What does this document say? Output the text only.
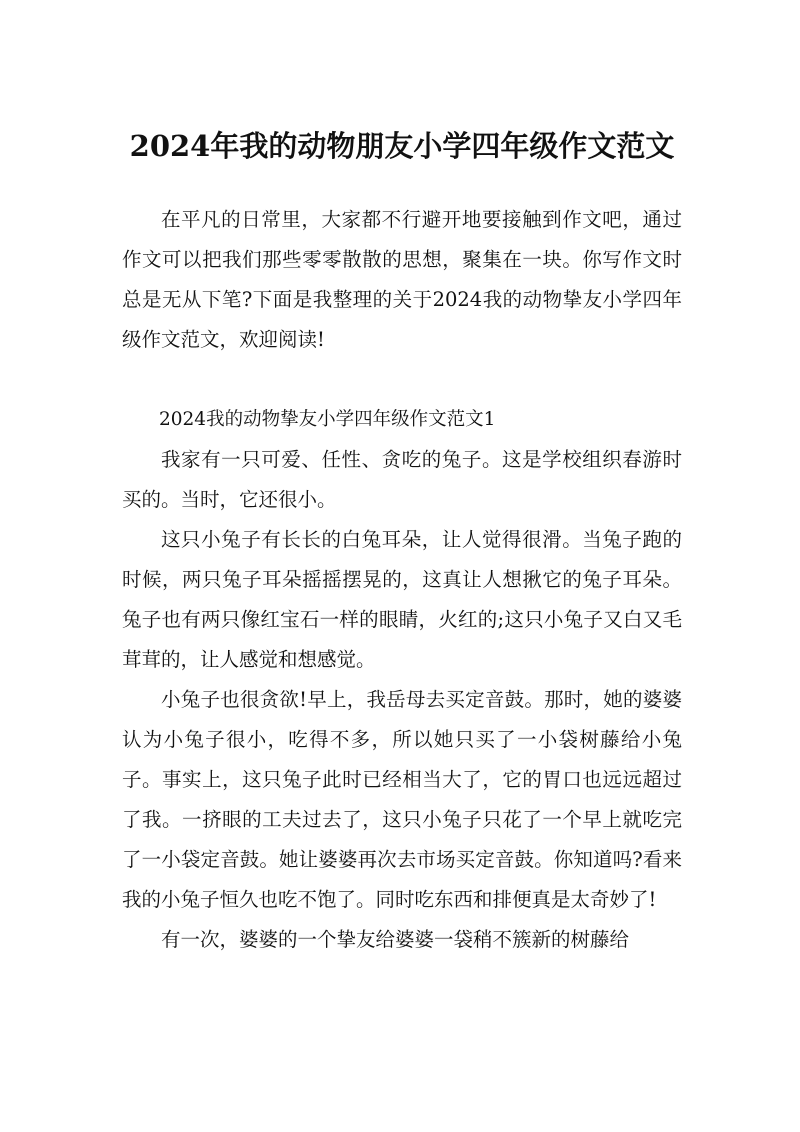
2024年我的动物朋友小学四年级作文范文

在平凡的日常里，大家都不行避开地要接触到作文吧，通过作文可以把我们那些零零散散的思想，聚集在一块。你写作文时总是无从下笔?下面是我整理的关于2024我的动物挚友小学四年级作文范文，欢迎阅读!

2024我的动物挚友小学四年级作文范文1

我家有一只可爱、任性、贪吃的兔子。这是学校组织春游时买的。当时，它还很小。

这只小兔子有长长的白兔耳朵，让人觉得很滑。当兔子跑的时候，两只兔子耳朵摇摇摆晃的，这真让人想揪它的兔子耳朵。兔子也有两只像红宝石一样的眼睛，火红的;这只小兔子又白又毛茸茸的，让人感觉和想感觉。

小兔子也很贪欲!早上，我岳母去买定音鼓。那时，她的婆婆认为小兔子很小，吃得不多，所以她只买了一小袋树藤给小兔子。事实上，这只兔子此时已经相当大了，它的胃口也远远超过了我。一挤眼的工夫过去了，这只小兔子只花了一个早上就吃完了一小袋定音鼓。她让婆婆再次去市场买定音鼓。你知道吗?看来我的小兔子恒久也吃不饱了。同时吃东西和排便真是太奇妙了!

有一次，婆婆的一个挚友给婆婆一袋稍不簇新的树藤给
